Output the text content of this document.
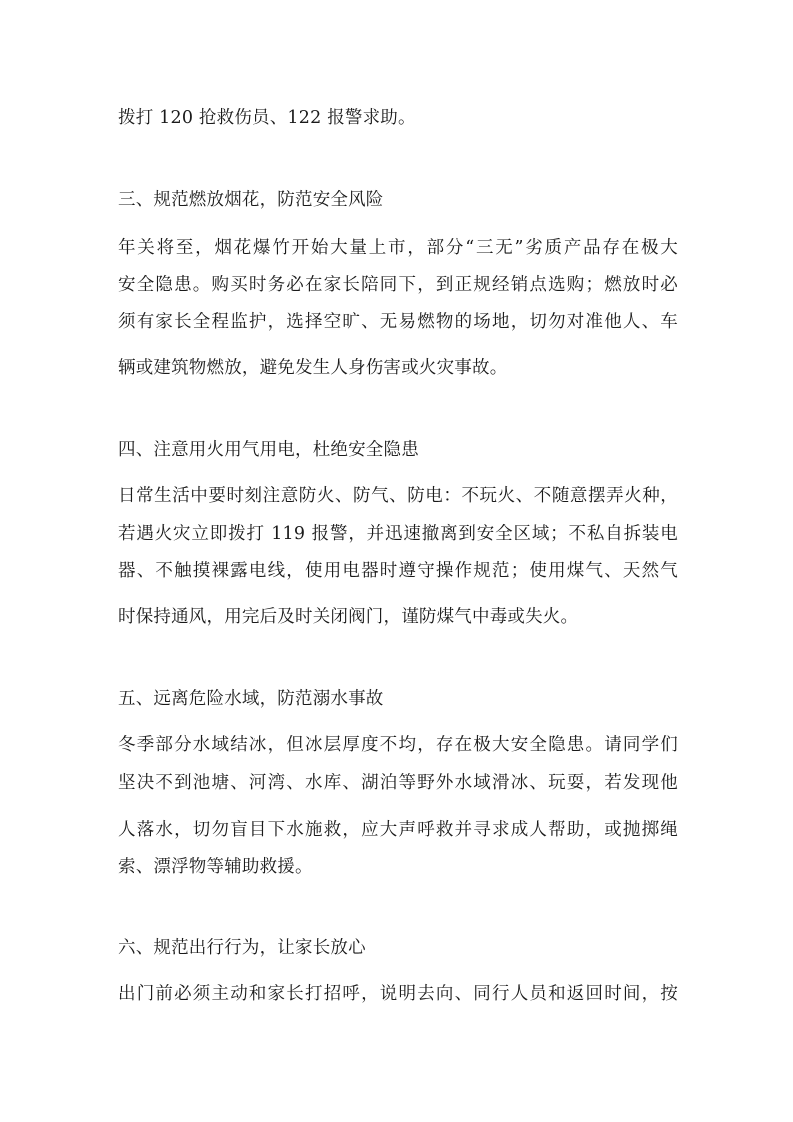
拨打 120 抢救伤员、122 报警求助。
三、规范燃放烟花，防范安全风险
年关将至，烟花爆竹开始大量上市，部分“三无”劣质产品存在极大
安全隐患。购买时务必在家长陪同下，到正规经销点选购；燃放时必
须有家长全程监护，选择空旷、无易燃物的场地，切勿对准他人、车
辆或建筑物燃放，避免发生人身伤害或火灾事故。
四、注意用火用气用电，杜绝安全隐患
日常生活中要时刻注意防火、防气、防电：不玩火、不随意摆弄火种，
若遇火灾立即拨打 119 报警，并迅速撤离到安全区域；不私自拆装电
器、不触摸裸露电线，使用电器时遵守操作规范；使用煤气、天然气
时保持通风，用完后及时关闭阀门，谨防煤气中毒或失火。
五、远离危险水域，防范溺水事故
冬季部分水域结冰，但冰层厚度不均，存在极大安全隐患。请同学们
坚决不到池塘、河湾、水库、湖泊等野外水域滑冰、玩耍，若发现他
人落水，切勿盲目下水施救，应大声呼救并寻求成人帮助，或抛掷绳
索、漂浮物等辅助救援。
六、规范出行行为，让家长放心
出门前必须主动和家长打招呼，说明去向、同行人员和返回时间，按
